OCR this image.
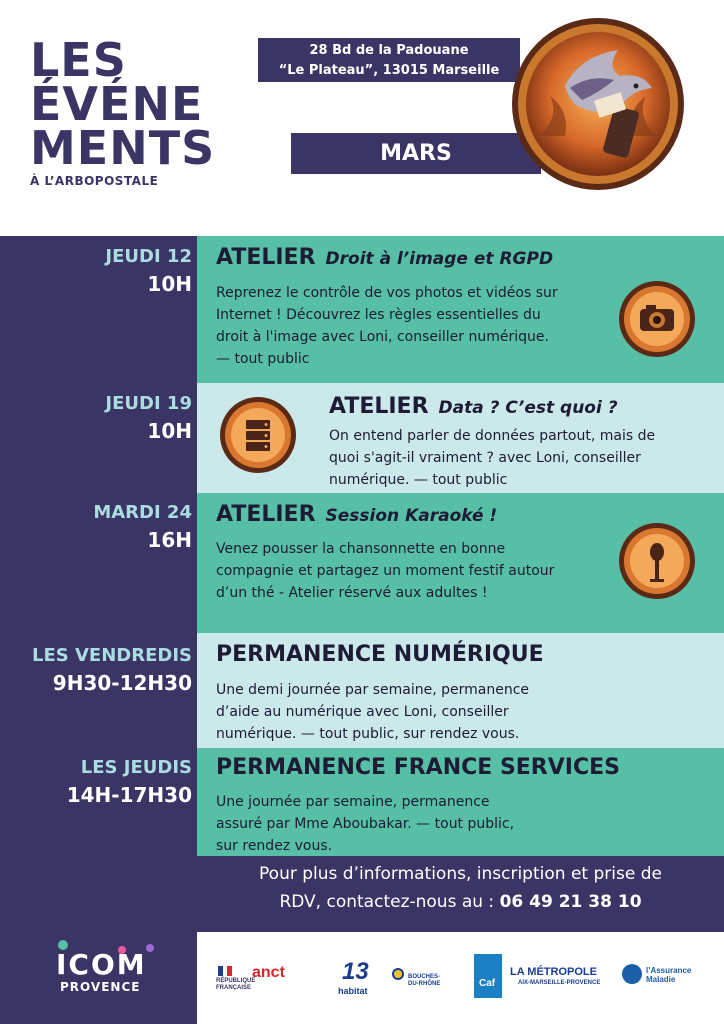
LES
ÉVÉNE
MENTS
À L’ARBOPOSTALE
28 Bd de la Padouane
“Le Plateau”, 13015 Marseille
MARS
JEUDI 12
10H
ATELIER Droit à l’image et RGPD
Reprenez le contrôle de vos photos et vidéos sur
Internet ! Découvrez les règles essentielles du
droit à l'image avec Loni, conseiller numérique.
— tout public
JEUDI 19
10H
ATELIER Data ? C’est quoi ?
On entend parler de données partout, mais de
quoi s'agit-il vraiment ? avec Loni, conseiller
numérique. — tout public
MARDI 24
16H
ATELIER Session Karaoké !
Venez pousser la chansonnette en bonne
compagnie et partagez un moment festif autour
d’un thé - Atelier réservé aux adultes !
LES VENDREDIS
9H30-12H30
PERMANENCE NUMÉRIQUE
Une demi journée par semaine, permanence
d’aide au numérique avec Loni, conseiller
numérique. — tout public, sur rendez vous.
LES JEUDIS
14H-17H30
PERMANENCE FRANCE SERVICES
Une journée par semaine, permanence
assuré par Mme Aboubakar. — tout public,
sur rendez vous.
Pour plus d’informations, inscription et prise de
RDV, contactez-nous au : 06 49 21 38 10
ICOM
PROVENCE	RÉPUBLIQUE FRANÇAISE
anct 13
habitat
BOUCHES-DU-RHÔNE	Caf
LA MÉTROPOLE
AIX-MARSEILLE-PROVENCE
l’Assurance Maladie
